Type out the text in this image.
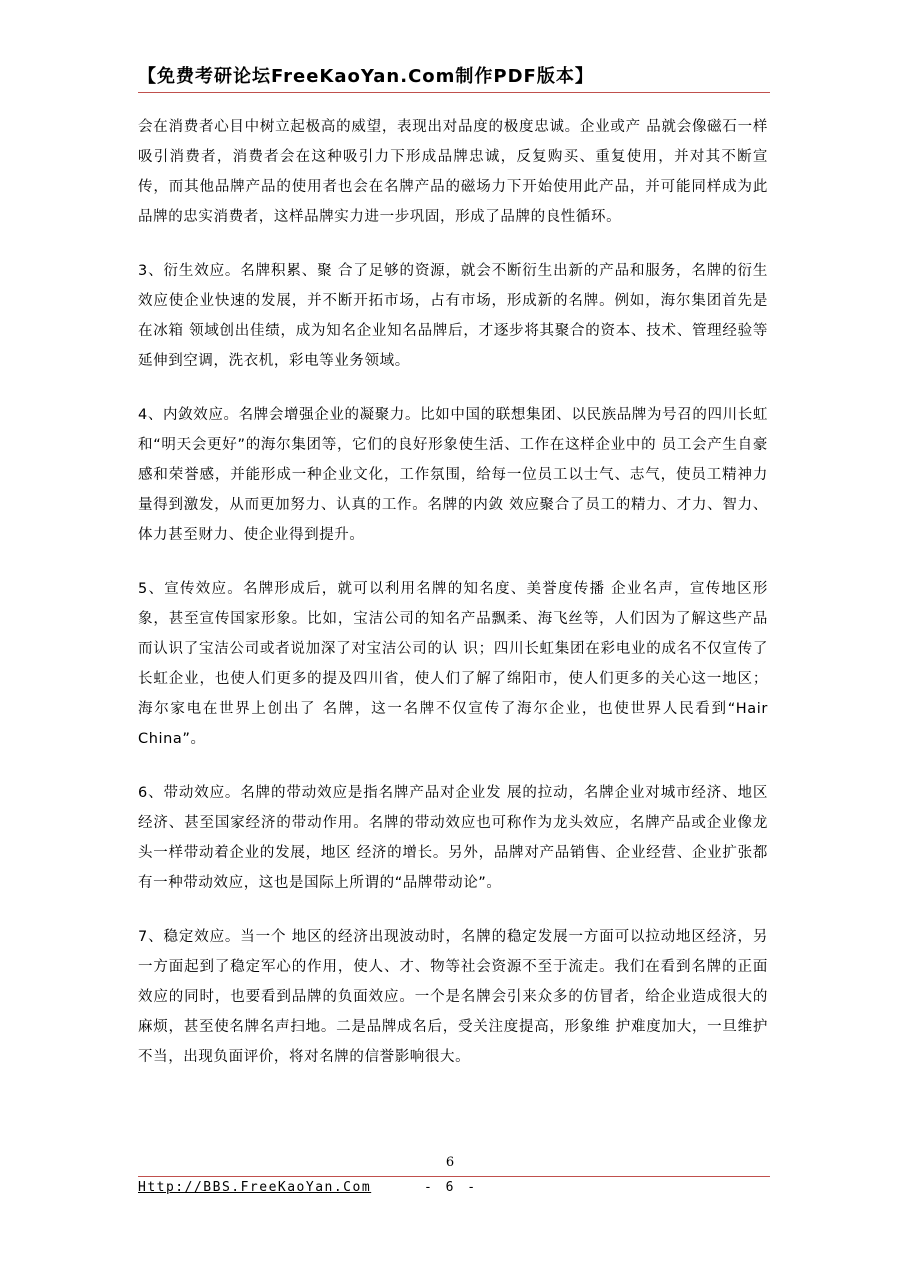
【免费考研论坛FreeKaoYan.Com制作PDF版本】

会在消费者心目中树立起极高的威望，表现出对品度的极度忠诚。企业或产 品就会像磁石一样吸引消费者，消费者会在这种吸引力下形成品牌忠诚，反复购买、重复使用，并对其不断宣传，而其他品牌产品的使用者也会在名牌产品的磁场力下开始使用此产品，并可能同样成为此品牌的忠实消费者，这样品牌实力进一步巩固，形成了品牌的良性循环。

3、衍生效应。名牌积累、聚 合了足够的资源，就会不断衍生出新的产品和服务，名牌的衍生效应使企业快速的发展，并不断开拓市场，占有市场，形成新的名牌。例如，海尔集团首先是在冰箱 领域创出佳绩，成为知名企业知名品牌后，才逐步将其聚合的资本、技术、管理经验等延伸到空调，洗衣机，彩电等业务领域。

4、内敛效应。名牌会增强企业的凝聚力。比如中国的联想集团、以民族品牌为号召的四川长虹和“明天会更好”的海尔集团等，它们的良好形象使生活、工作在这样企业中的 员工会产生自豪感和荣誉感，并能形成一种企业文化，工作氛围，给每一位员工以士气、志气，使员工精神力量得到激发，从而更加努力、认真的工作。名牌的内敛 效应聚合了员工的精力、才力、智力、体力甚至财力、使企业得到提升。

5、宣传效应。名牌形成后，就可以利用名牌的知名度、美誉度传播 企业名声，宣传地区形象，甚至宣传国家形象。比如，宝洁公司的知名产品飘柔、海飞丝等，人们因为了解这些产品而认识了宝洁公司或者说加深了对宝洁公司的认 识；四川长虹集团在彩电业的成名不仅宣传了长虹企业，也使人们更多的提及四川省，使人们了解了绵阳市，使人们更多的关心这一地区；海尔家电在世界上创出了 名牌，这一名牌不仅宣传了海尔企业，也使世界人民看到“Hair China”。

6、带动效应。名牌的带动效应是指名牌产品对企业发 展的拉动，名牌企业对城市经济、地区经济、甚至国家经济的带动作用。名牌的带动效应也可称作为龙头效应，名牌产品或企业像龙头一样带动着企业的发展，地区 经济的增长。另外，品牌对产品销售、企业经营、企业扩张都有一种带动效应，这也是国际上所谓的“品牌带动论”。

7、稳定效应。当一个 地区的经济出现波动时，名牌的稳定发展一方面可以拉动地区经济，另一方面起到了稳定军心的作用，使人、才、物等社会资源不至于流走。我们在看到名牌的正面 效应的同时，也要看到品牌的负面效应。一个是名牌会引来众多的仿冒者，给企业造成很大的麻烦，甚至使名牌名声扫地。二是品牌成名后，受关注度提高，形象维 护难度加大，一旦维护不当，出现负面评价，将对名牌的信誉影响很大。

6
Http://BBS.FreeKaoYan.Com	- 6 -
